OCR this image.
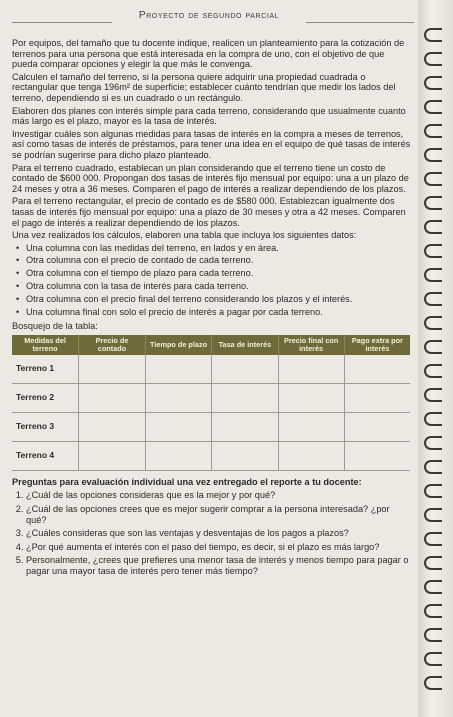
Proyecto de segundo parcial

Por equipos, del tamaño que tu docente indique, realicen un planteamiento para la cotización de terrenos para una persona que está interesada en la compra de uno, con el objetivo de que pueda comparar opciones y elegir la que más le convenga.

Calculen el tamaño del terreno, si la persona quiere adquirir una propiedad cuadrada o rectangular que tenga 196m² de superficie; establecer cuánto tendrían que medir los lados del terreno, dependiendo si es un cuadrado o un rectángulo.

Elaboren dos planes con interés simple para cada terreno, considerando que usualmente cuanto más largo es el plazo, mayor es la tasa de interés.

Investigar cuáles son algunas medidas para tasas de interés en la compra a meses de terrenos, así como tasas de interés de préstamos, para tener una idea en el equipo de qué tasas de interés se podrían sugerirse para dicho plazo planteado.

Para el terreno cuadrado, establecan un plan considerando que el terreno tiene un costo de contado de $600 000. Propongan dos tasas de interés fijo mensual por equipo: una a un plazo de 24 meses y otra a 36 meses. Comparen el pago de interés a realizar dependiendo de los plazos.

Para el terreno rectangular, el precio de contado es de $580 000. Establezcan igualmente dos tasas de interés fijo mensual por equipo: una a plazo de 30 meses y otra a 42 meses. Comparen el pago de interés a realizar dependiendo de los plazos.

Una vez realizados los cálculos, elaboren una tabla que incluya los siguientes datos:

• Una columna con las medidas del terreno, en lados y en área.
• Otra columna con el precio de contado de cada terreno.
• Otra columna con el tiempo de plazo para cada terreno.
• Otra columna con la tasa de interés para cada terreno.
• Otra columna con el precio final del terreno considerando los plazos y el interés.
• Una columna final con solo el precio de interés a pagar por cada terreno.

Bosquejo de la tabla:

Medidas del terreno	Precio de contado	Tiempo de plazo	Tasa de interés	Precio final con interés	Pago extra por interés
Terreno 1					
Terreno 2					
Terreno 3					
Terreno 4					

Preguntas para evaluación individual una vez entregado el reporte a tu docente:

1. ¿Cuál de las opciones consideras que es la mejor y por qué?
2. ¿Cuál de las opciones crees que es mejor sugerir comprar a la persona interesada? ¿por qué?
3. ¿Cuáles consideras que son las ventajas y desventajas de los pagos a plazos?
4. ¿Por qué aumenta el interés con el paso del tiempo, es decir, si el plazo es más largo?
5. Personalmente, ¿crees que prefieres una menor tasa de interés y menos tiempo para pagar o pagar una mayor tasa de interés pero tener más tiempo?
